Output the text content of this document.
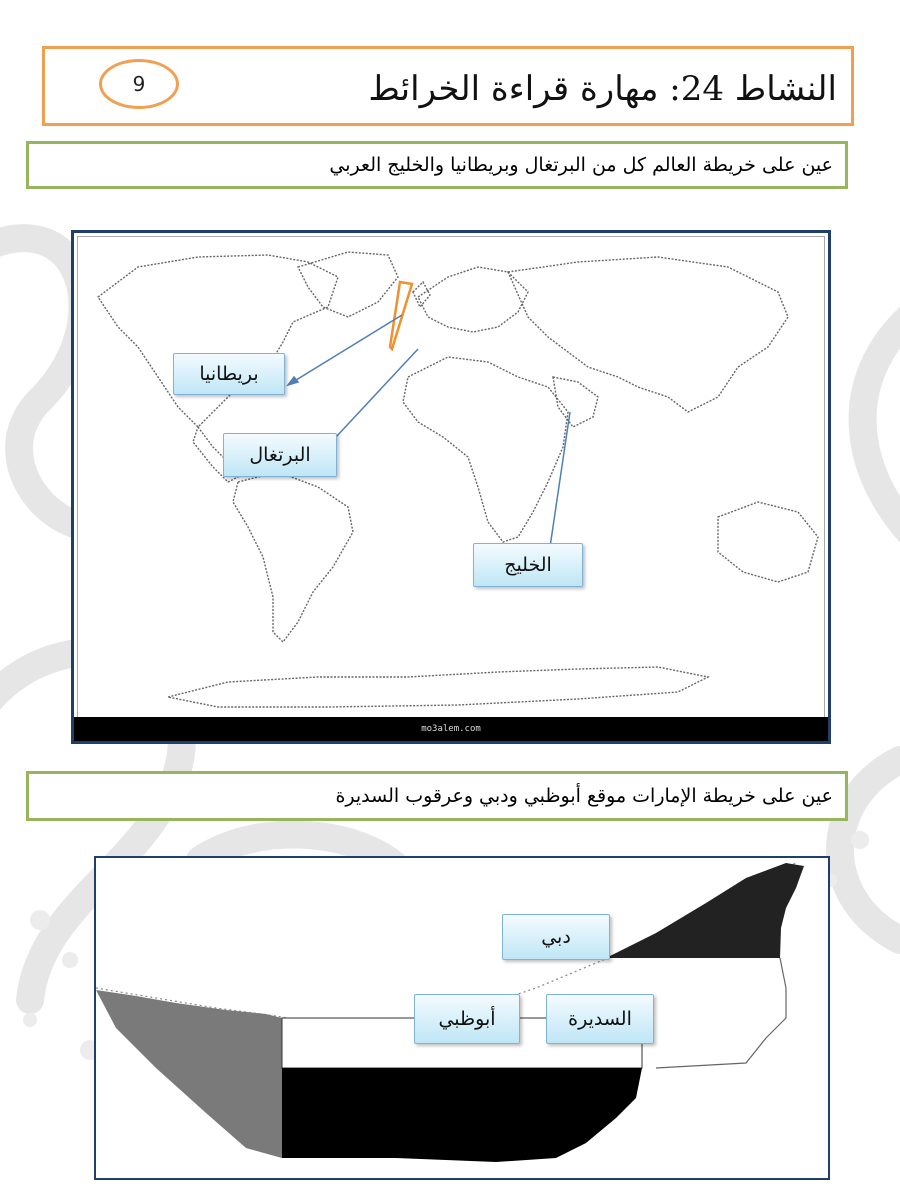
9	النشاط 24: مهارة قراءة الخرائط
عين على خريطة العالم كل من البرتغال وبريطانيا والخليج العربي
بريطانيا
البرتغال
الخليج
mo3alem.com
عين على خريطة الإمارات موقع أبوظبي ودبي وعرقوب السديرة
دبي
أبوظبي	السديرة
